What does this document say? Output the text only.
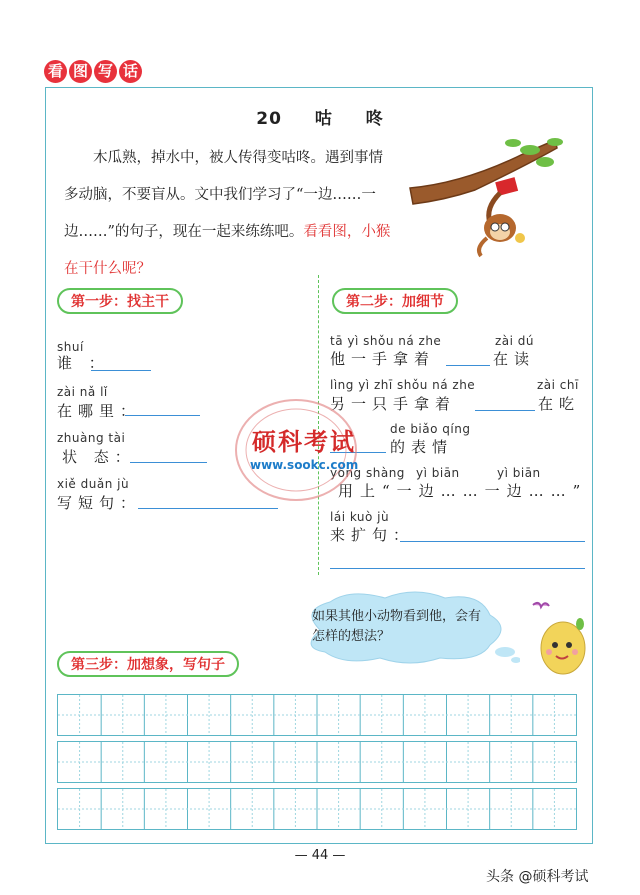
看 图 写 话
20 咕 咚
木瓜熟，掉水中，被人传得变咕咚。遇到事情多动脑，不要盲从。文中我们学习了“一边……一边……”的句子，现在一起来练练吧。看看图，小猴在干什么呢？
第一步：找主干
shuí
谁 ：
zài nǎ lǐ
在哪里：
zhuàng tài
状 态：
xiě duǎn jù
写短句：
第二步：加细节
tā yì shǒu ná zhe	zài dú
他一手拿着	在读
lìng yì zhī shǒu ná zhe	zài chī
另一只手拿着	在吃
de biǎo qíng
的表情
yòng shàng yì biān	yì biān
用上“一边……一边……”
lái kuò jù
来扩句：
硕科考试
www.sookc.com
如果其他小动物看到他，会有怎样的想法？
第三步：加想象，写句子
— 44 —
头条 @硕科考试
